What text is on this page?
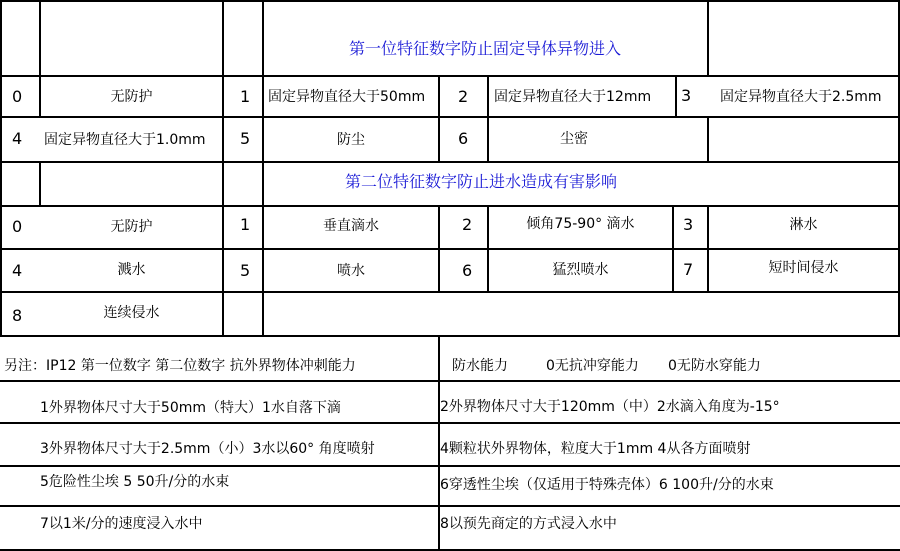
第一位特征数字防止固定导体异物进入
0	无防护	1 固定异物直径大于50mm 2 固定异物直径大于12mm 3 固定异物直径大于2.5mm
4 固定异物直径大于1.0mm 5	防尘	6	尘密
第二位特征数字防止进水造成有害影响
0	无防护	1	垂直滴水	2	倾角75-90° 滴水	3	淋水
4	溅水	5	喷水	6	猛烈喷水	7	短时间侵水
8	连续侵水
另注：IP12 第一位数字 第二位数字 抗外界物体冲刺能力	防水能力	0无抗冲穿能力 0无防水穿能力
1外界物体尺寸大于50mm（特大）1水自落下滴	2外界物体尺寸大于120mm（中）2水滴入角度为-15°
3外界物体尺寸大于2.5mm（小）3水以60° 角度喷射	4颗粒状外界物体，粒度大于1mm 4从各方面喷射
5危险性尘埃 5 50升/分的水束	6穿透性尘埃（仅适用于特殊壳体）6 100升/分的水束
7以1米/分的速度浸入水中	8以预先商定的方式浸入水中
